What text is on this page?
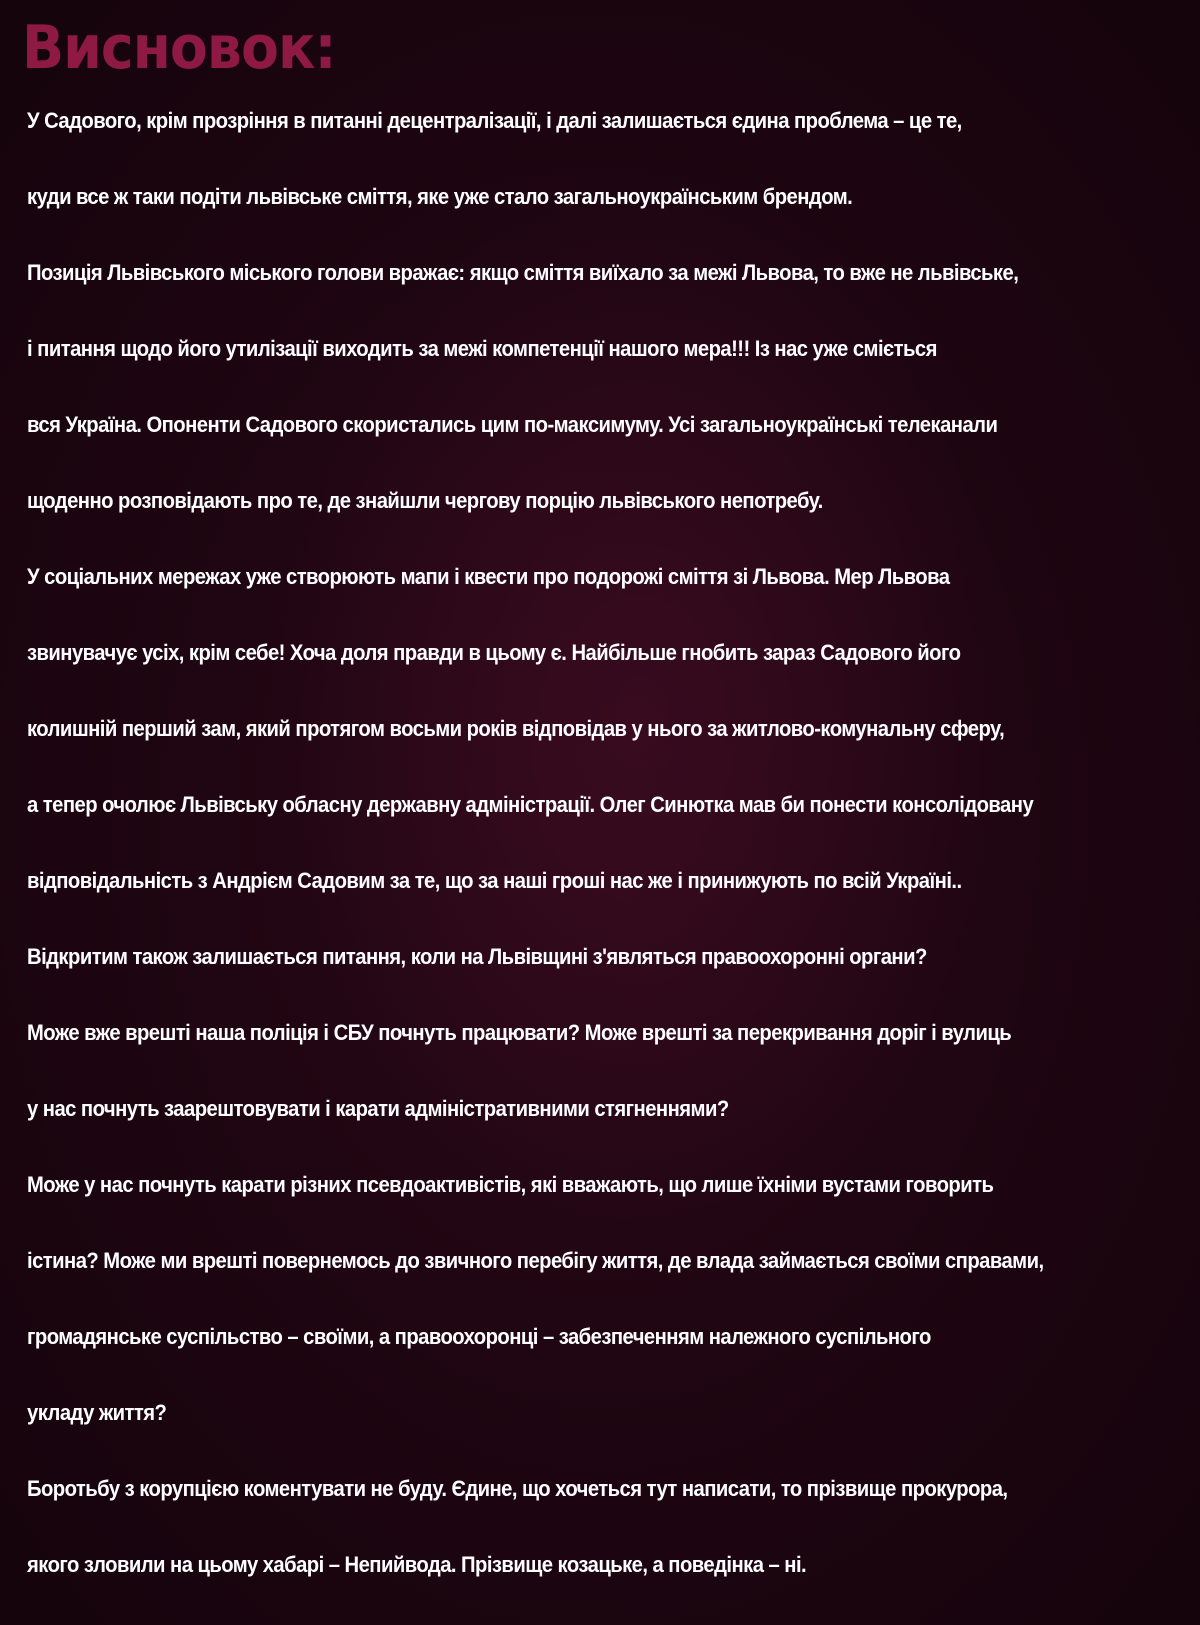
Висновок:
У Садового, крім прозріння в питанні децентралізації, і далі залишається єдина проблема – це те,
куди все ж таки подіти львівське сміття, яке уже стало загальноукраїнським брендом.
Позиція Львівського міського голови вражає: якщо сміття виїхало за межі Львова, то вже не львівське,
і питання щодо його утилізації виходить за межі компетенції нашого мера!!! Із нас уже сміється
вся Україна. Опоненти Садового скористались цим по-максимуму. Усі загальноукраїнські телеканали
щоденно розповідають про те, де знайшли чергову порцію львівського непотребу.
У соціальних мережах уже створюють мапи і квести про подорожі сміття зі Львова. Мер Львова
звинувачує усіх, крім себе! Хоча доля правди в цьому є. Найбільше гнобить зараз Садового його
колишній перший зам, який протягом восьми років відповідав у нього за житлово-комунальну сферу,
а тепер очолює Львівську обласну державну адміністрації. Олег Синютка мав би понести консолідовану
відповідальність з Андрієм Садовим за те, що за наші гроші нас же і принижують по всій Україні..
Відкритим також залишається питання, коли на Львівщині з'являться правоохоронні органи?
Може вже врешті наша поліція і СБУ почнуть працювати? Може врешті за перекривання доріг і вулиць
у нас почнуть заарештовувати і карати адміністративними стягненнями?
Може у нас почнуть карати різних псевдоактивістів, які вважають, що лише їхніми вустами говорить
істина? Може ми врешті повернемось до звичного перебігу життя, де влада займається своїми справами,
громадянське суспільство – своїми, а правоохоронці – забезпеченням належного суспільного
укладу життя?
Боротьбу з корупцією коментувати не буду. Єдине, що хочеться тут написати, то прізвище прокурора,
якого зловили на цьому хабарі – Непийвода. Прізвище козацьке, а поведінка – ні.
